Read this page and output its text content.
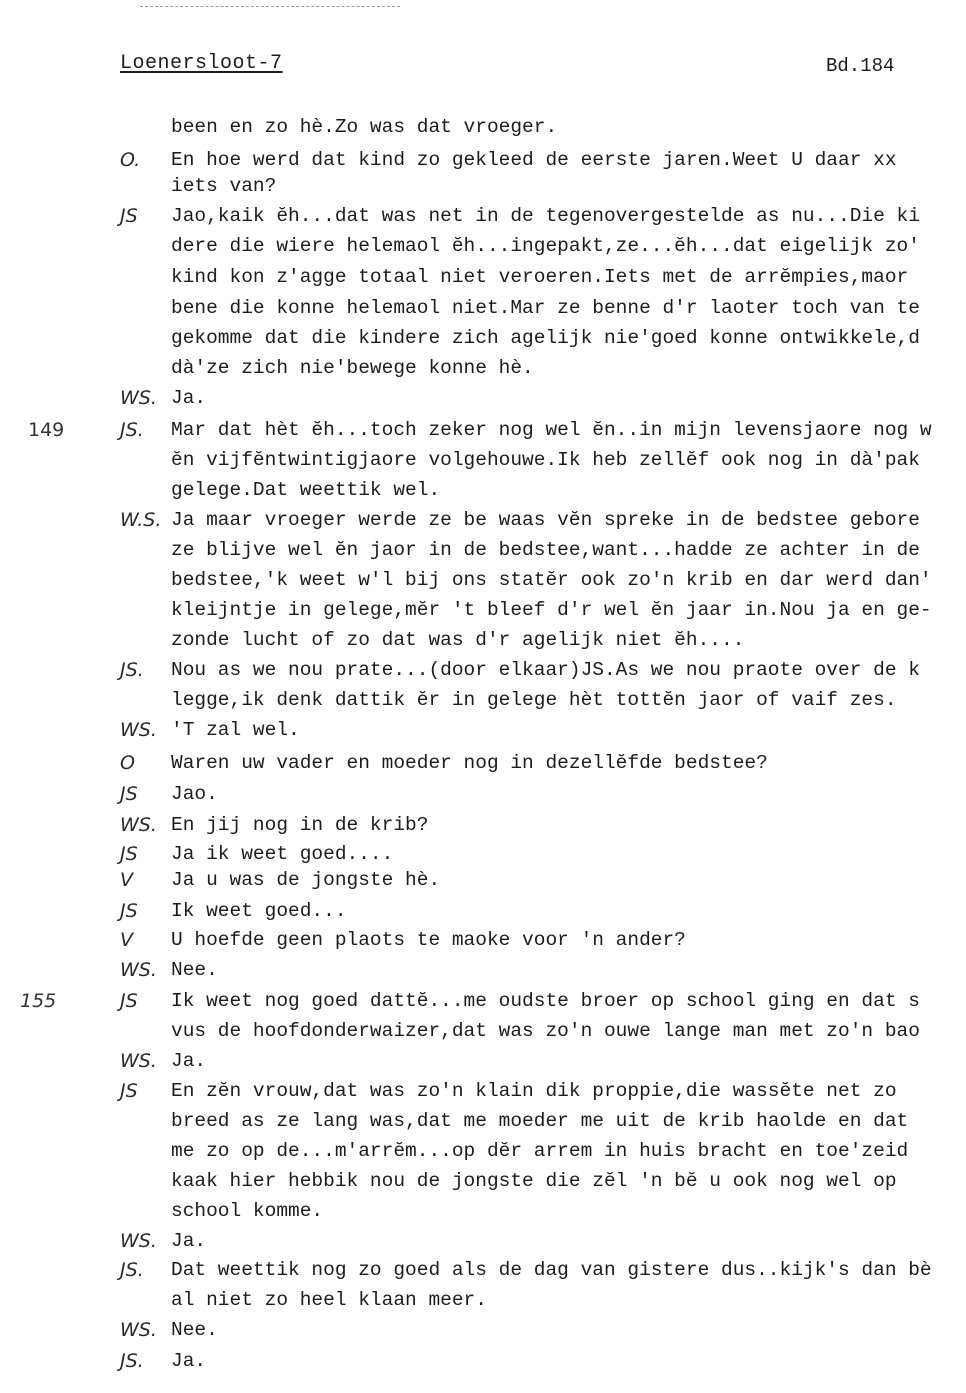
Loenersloot-7	Bd.184
been en zo hè.Zo was dat vroeger.
O. En hoe werd dat kind zo gekleed de eerste jaren.Weet U daar xx
iets van?
JS Jao,kaik ĕh...dat was net in de tegenovergestelde as nu...Die ki
dere die wiere helemaol ĕh...ingepakt,ze...ĕh...dat eigelijk zo'
kind kon z'agge totaal niet veroeren.Iets met de arrĕmpies,maor
bene die konne helemaol niet.Mar ze benne d'r laoter toch van te
gekomme dat die kindere zich agelijk nie'goed konne ontwikkele,d
dà'ze zich nie'bewege konne hè.
WS. Ja.
149	JS. Mar dat hèt ĕh...toch zeker nog wel ĕn..in mijn levensjaore nog w
ĕn vijfĕntwintigjaore volgehouwe.Ik heb zellĕf ook nog in dà'pak
gelege.Dat weettik wel.
W.S. Ja maar vroeger werde ze be waas vĕn spreke in de bedstee gebore
ze blijve wel ĕn jaor in de bedstee,want...hadde ze achter in de
bedstee,'k weet w'l bij ons statĕr ook zo'n krib en dar werd dan'
kleijntje in gelege,mĕr 't bleef d'r wel ĕn jaar in.Nou ja en ge-
zonde lucht of zo dat was d'r agelijk niet ĕh....
JS. Nou as we nou prate...(door elkaar)JS.As we nou praote over de k
legge,ik denk dattik ĕr in gelege hèt tottĕn jaor of vaif zes.
WS. 'T zal wel.
O Waren uw vader en moeder nog in dezellĕfde bedstee?
JS Jao.
WS. En jij nog in de krib?
JS Ja ik weet goed....
V Ja u was de jongste hè.
JS Ik weet goed...
V U hoefde geen plaots te maoke voor 'n ander?
WS. Nee.
155	JS Ik weet nog goed dattĕ...me oudste broer op school ging en dat s
vus de hoofdonderwaizer,dat was zo'n ouwe lange man met zo'n bao
WS. Ja.
JS En zĕn vrouw,dat was zo'n klain dik proppie,die wassĕte net zo
breed as ze lang was,dat me moeder me uit de krib haolde en dat
me zo op de...m'arrĕm...op dĕr arrem in huis bracht en toe'zeid
kaak hier hebbik nou de jongste die zĕl 'n bĕ u ook nog wel op
school komme.
WS. Ja.
JS. Dat weettik nog zo goed als de dag van gistere dus..kijk's dan bè
al niet zo heel klaan meer.
WS. Nee.
JS. Ja.
